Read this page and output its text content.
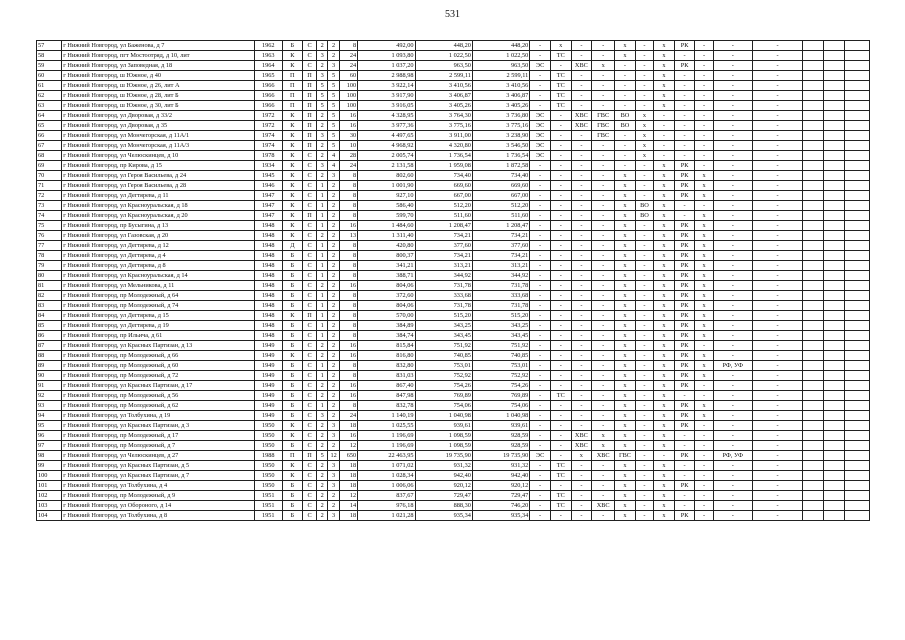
531
57	г Нижний Новгород, ул Баженова, д 7	1962	Б	С	2	2	8	492,00	448,20	448,20	-	х	-	-	х	-	х	РК	-	-	-			
58	г Нижний Новгород, пгт Мостоотряд, д 10, лит	1963	К	С	3	2	24	1 093,80	1 022,50	1 022,50	-	ТС	-	-	х	-	х	-	-	-	-			
59	г Нижний Новгород, ул Заповедная, д 18	1964	К	С	2	3	24	1 037,20	963,50	963,50	ЭС	-	ХВС	х	-	-	х	РК	-	-	-			
60	г Нижний Новгород, ш Южное, д 40	1965	П	П	3	5	60	2 988,98	2 599,11	2 599,11	-	ТС	-	-	-	-	х	-	-	-	-			
61	г Нижний Новгород, ш Южное, д 26, лит А	1966	П	П	5	5	100	3 922,14	3 410,56	3 410,56	-	ТС	-	-	-	-	х	-	-	-	-			
62	г Нижний Новгород, ш Южное, д 28, лит Б	1966	П	П	5	5	100	3 917,90	3 406,87	3 406,87	-	ТС	-	-	-	-	х	-	-	-	-			
63	г Нижний Новгород, ш Южное, д 30, лит Б	1966	П	П	5	5	100	3 916,05	3 405,26	3 405,26	-	ТС	-	-	-	-	х	-	-	-	-			
64	г Нижний Новгород, ул Дворовая, д 33/2	1972	К	П	2	5	16	4 328,95	3 764,30	3 736,80	ЭС	-	ХВС	ГВС	ВО	х	-	-	-	-	-			
65	г Нижний Новгород, ул Дворовая, д 35	1972	К	П	2	5	16	3 977,36	3 775,16	3 775,16	ЭС	-	ХВС	ГВС	ВО	х	-	-	-	-	-			
66	г Нижний Новгород, ул Мончегорская, д 11А/1	1974	К	П	3	5	30	4 497,65	3 911,00	3 238,90	ЭС	-	-	ГВС	-	х	-	-	-	-	-			
67	г Нижний Новгород, ул Мончегорская, д 11А/3	1974	К	П	2	5	10	4 968,92	4 320,80	3 546,50	ЭС	-	-	-	-	х	-	-	-	-	-			
68	г Нижний Новгород, ул Челюскинцев, д 10	1978	К	С	2	4	28	2 005,74	1 736,54	1 736,54	ЭС	-	-	-	-	х	-	-	-	-	-			
69	г Нижний Новгород, пр Кирова, д 15	1934	К	С	3	4	24	2 131,58	1 959,08	1 872,58	-	-	-	-	-	-	х	РК	-	-	-			
70	г Нижний Новгород, ул Героя Васильева, д 24	1945	К	С	2	3	8	802,60	734,40	734,40	-	-	-	-	х	-	х	РК	х	-	-			
71	г Нижний Новгород, ул Героя Васильева, д 28	1946	К	С	1	2	8	1 001,90	669,60	669,60	-	-	-	-	х	-	х	РК	х	-	-			
72	г Нижний Новгород, ул Дегтярева, д 11	1947	К	С	1	2	8	927,10	667,00	667,00	-	-	-	-	х	-	х	РК	х	-	-			
73	г Нижний Новгород, ул Красноуральская, д 18	1947	К	С	1	2	8	586,40	512,20	512,20	-	-	-	-	х	ВО	х	-	-	-	-			
74	г Нижний Новгород, ул Красноуральская, д 20	1947	К	П	1	2	8	599,70	511,60	511,60	-	-	-	-	х	ВО	х	-	х	-	-			
75	г Нижний Новгород, пр Бусыгина, д 13	1948	К	С	1	2	16	1 484,60	1 208,47	1 208,47	-	-	-	-	х	-	х	РК	х	-	-			
76	г Нижний Новгород, ул Газовская, д 20	1948	К	С	2	2	13	1 311,40	734,21	734,21	-	-	-	-	х	-	х	РК	х	-	-			
77	г Нижний Новгород, ул Дегтярева, д 12	1948	Д	С	1	2	8	420,80	377,60	377,60	-	-	-	-	х	-	х	РК	х	-	-			
78	г Нижний Новгород, ул Дегтярева, д 4	1948	Б	С	1	2	8	800,37	734,21	734,21	-	-	-	-	х	-	х	РК	х	-	-			
79	г Нижний Новгород, ул Дегтярева, д 8	1948	Б	С	1	2	8	341,21	313,21	313,21	-	-	-	-	х	-	х	РК	х	-	-			
80	г Нижний Новгород, ул Красноуральская, д 14	1948	Б	С	1	2	8	388,71	344,92	344,92	-	-	-	-	х	-	х	РК	х	-	-			
81	г Нижний Новгород, ул Мельникова, д 11	1948	Б	С	2	2	16	804,06	731,78	731,78	-	-	-	-	х	-	х	РК	х	-	-			
82	г Нижний Новгород, пр Молодежный, д 64	1948	Б	С	1	2	8	372,60	333,68	333,68	-	-	-	-	х	-	х	РК	х	-	-			
83	г Нижний Новгород, пр Молодежный, д 74	1948	Б	С	1	2	8	804,06	731,78	731,78	-	-	-	-	х	-	х	РК	х	-	-			
84	г Нижний Новгород, ул Дегтярева, д 15	1948	К	П	1	2	8	570,00	515,20	515,20	-	-	-	-	х	-	х	РК	х	-	-			
85	г Нижний Новгород, ул Дегтярева, д 19	1948	Б	С	1	2	8	384,89	343,25	343,25	-	-	-	-	х	-	х	РК	х	-	-			
86	г Нижний Новгород, пр Ильича, д 61	1948	Б	С	1	2	8	384,74	343,45	343,45	-	-	-	-	х	-	х	РК	х	-	-			
87	г Нижний Новгород, ул Красных Партизан, д 13	1949	Б	С	2	2	16	815,84	751,92	751,92	-	-	-	-	х	-	х	РК	-	-	-			
88	г Нижний Новгород, пр Молодежный, д 66	1949	К	С	2	2	16	816,80	740,85	740,85	-	-	-	-	х	-	х	РК	х	-	-			
89	г Нижний Новгород, пр Молодежный, д 60	1949	Б	С	1	2	8	832,80	753,01	753,01	-	-	-	-	х	-	х	РК	х	РФ, УФ	-			
90	г Нижний Новгород, пр Молодежный, д 72	1949	Б	С	1	2	8	831,03	752,92	752,92	-	-	-	-	х	-	х	РК	х	-	-			
91	г Нижний Новгород, ул Красных Партизан, д 17	1949	Б	С	2	2	16	867,40	754,26	754,26	-	-	-	-	х	-	х	РК	-	-	-			
92	г Нижний Новгород, пр Молодежный, д 56	1949	Б	С	2	2	16	847,98	769,89	769,89	-	ТС	-	-	х	-	х	-	-	-	-			
93	г Нижний Новгород, пр Молодежный, д 62	1949	Б	С	1	2	8	832,78	754,06	754,06	-	-	-	-	х	-	х	РК	х	-	-			
94	г Нижний Новгород, ул Толбухина, д 19	1949	Б	С	3	2	24	1 140,19	1 040,98	1 040,98	-	-	-	-	х	-	х	РК	х	-	-			
95	г Нижний Новгород, ул Красных Партизан, д 3	1950	К	С	2	3	18	1 025,55	939,61	939,61	-	-	-	-	х	-	х	РК	-	-	-			
96	г Нижний Новгород, пр Молодежный, д 17	1950	К	С	2	3	16	1 196,69	1 098,59	928,59	-	-	ХВС	х	х	-	х	-	-	-	-			
97	г Нижний Новгород, пр Молодежный, д 7	1950	Б	С	2	2	12	1 196,69	1 098,59	928,59	-	-	ХВС	х	х	-	х	-	-	-	-			
98	г Нижний Новгород, ул Челюскинцев, д 27	1988	П	П	5	12	650	22 463,95	19 735,90	19 735,90	ЭС	-	х	ХВС	ГВС	-	-	РК	-	РФ, УФ	-			
99	г Нижний Новгород, ул Красных Партизан, д 5	1950	К	С	2	3	18	1 071,02	931,32	931,32	-	ТС	-	-	х	-	х	-	-	-	-			
100	г Нижний Новгород, ул Красных Партизан, д 7	1950	К	С	2	3	18	1 028,34	942,40	942,40	-	ТС	-	-	х	-	х	-	-	-	-			
101	г Нижний Новгород, ул Толбухина, д 4	1950	Б	С	2	3	18	1 006,06	920,12	920,12	-	-	-	-	х	-	х	РК	-	-	-			
102	г Нижний Новгород, пр Молодежный, д 9	1951	Б	С	2	2	12	837,67	729,47	729,47	-	ТС	-	-	х	-	х	-	-	-	-			
103	г Нижний Новгород, ул Обороного, д 14	1951	Б	С	2	2	14	976,18	888,30	746,20	-	ТС	-	ХВС	х	-	х	-	-	-	-			
104	г Нижний Новгород, ул Толбухина, д 8	1951	Б	С	2	3	18	1 021,28	935,34	935,34	-	-	-	-	х	-	х	РК	-	-	-			
